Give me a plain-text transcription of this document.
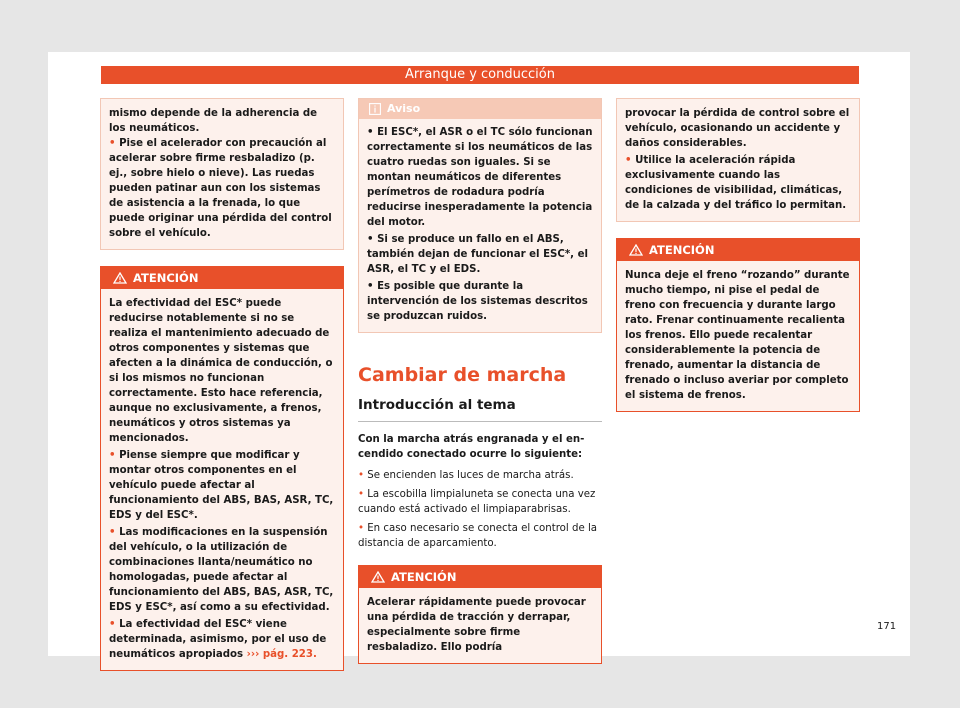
Arranque y conducción

mismo depende de la adherencia de los neumáticos.

• Pise el acelerador con precaución al acelerar sobre firme resbaladizo (p. ej., sobre hielo o nieve). Las ruedas pueden patinar aun con los sistemas de asistencia a la frenada, lo que puede originar una pérdida del control sobre el vehículo.

ATENCIÓN

La efectividad del ESC* puede reducirse notablemente si no se realiza el mantenimiento adecuado de otros componentes y sistemas que afecten a la dinámica de conducción, o si los mismos no funcionan correctamente. Esto hace referencia, aunque no exclusivamente, a frenos, neumáticos y otros sistemas ya mencionados.

• Piense siempre que modificar y montar otros componentes en el vehículo puede afectar al funcionamiento del ABS, BAS, ASR, TC, EDS y del ESC*.

• Las modificaciones en la suspensión del vehículo, o la utilización de combinaciones llanta/neumático no homologadas, puede afectar al funcionamiento del ABS, BAS, ASR, TC, EDS y ESC*, así como a su efectividad.

• La efectividad del ESC* viene determinada, asimismo, por el uso de neumáticos apropiados ››› pág. 223.

Aviso

• El ESC*, el ASR o el TC sólo funcionan correctamente si los neumáticos de las cuatro ruedas son iguales. Si se montan neumáticos de diferentes perímetros de rodadura podría reducirse inesperadamente la potencia del motor.

• Si se produce un fallo en el ABS, también dejan de funcionar el ESC*, el ASR, el TC y el EDS.

• Es posible que durante la intervención de los sistemas descritos se produzcan ruidos.

Cambiar de marcha
Introducción al tema

Con la marcha atrás engranada y el encendido conectado ocurre lo siguiente:

• Se encienden las luces de marcha atrás.

• La escobilla limpialuneta se conecta una vez cuando está activado el limpiaparabrisas.

• En caso necesario se conecta el control de la distancia de aparcamiento.

ATENCIÓN

Acelerar rápidamente puede provocar una pérdida de tracción y derrapar, especialmente sobre firme resbaladizo. Ello podría

provocar la pérdida de control sobre el vehículo, ocasionando un accidente y daños considerables.

• Utilice la aceleración rápida exclusivamente cuando las condiciones de visibilidad, climáticas, de la calzada y del tráfico lo permitan.

ATENCIÓN

Nunca deje el freno “rozando” durante mucho tiempo, ni pise el pedal de freno con frecuencia y durante largo rato. Frenar continuamente recalienta los frenos. Ello puede recalentar considerablemente la potencia de frenado, aumentar la distancia de frenado o incluso averiar por completo el sistema de frenos.

171
